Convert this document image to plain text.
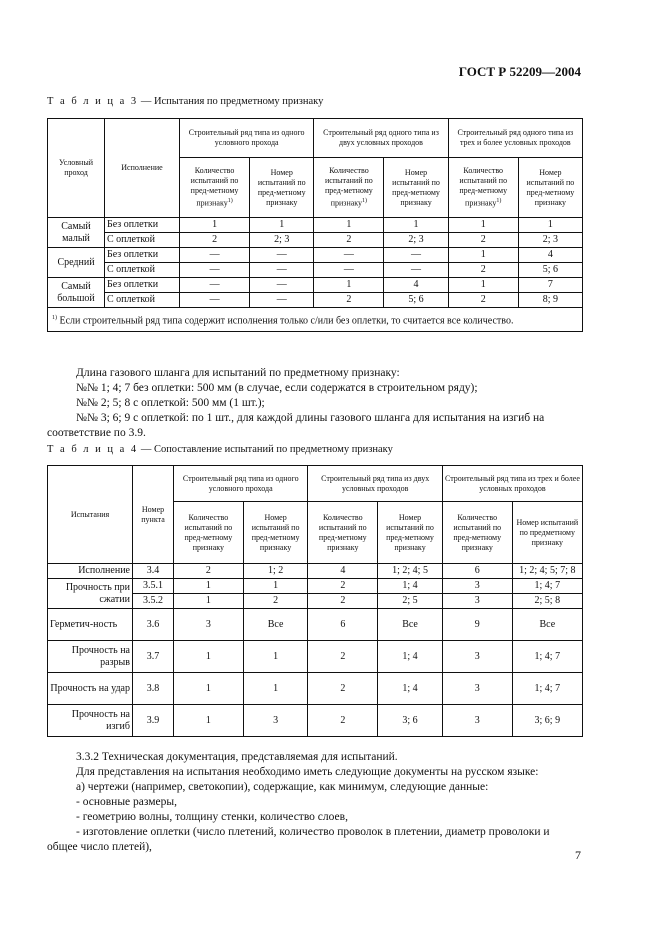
ГОСТ Р 52209—2004
Т а б л и ц а 3 — Испытания по предметному признаку
Условный проход	Исполнение	Строительный ряд типа из одного условного прохода		Строительный ряд одного типа из двух условных проходов		Строительный ряд одного типа из трех и более условных проходов	
		Количество испытаний по пред-метному признаку$^{1)}$	Номер испытаний по пред-метному признаку	Количество испытаний по пред-метному признаку$^{1)}$	Номер испытаний по пред-метному признаку	Количество испытаний по пред-метному признаку$^{1)}$	Номер испытаний по пред-метному признаку
Самый малый	Без оплетки	1	1	1	1	1	1
	С оплеткой	2	2; 3	2	2; 3	2	2; 3
Средний	Без оплетки	—	—	—	—	1	4
	С оплеткой	—	—	—	—	2	5; 6
Самый большой	Без оплетки	—	—	1	4	1	7
	С оплеткой	—	—	2	5; 6	2	8; 9
$^{1)}$ Если строительный ряд типа содержит исполнения только с/или без оплетки, то считается все количество.							

Длина газового шланга для испытаний по предметному признаку:

№№ 1; 4; 7 без оплетки: 500 мм (в случае, если содержатся в строительном ряду);

№№ 2; 5; 8 с оплеткой: 500 мм (1 шт.);

№№ 3; 6; 9 с оплеткой: по 1 шт., для каждой длины газового шланга для испытания на изгиб на соответствие по 3.9.

Т а б л и ц а 4 — Сопоставление испытаний по предметному признаку
Испытания	Номер пункта	Строительный ряд типа из одного условного прохода		Строительный ряд типа из двух условных проходов		Строительный ряд типа из трех и более условных проходов	
		Количество испытаний по пред-метному признаку	Номер испытаний по пред-метному признаку	Количество испытаний по пред-метному признаку	Номер испытаний по пред-метному признаку	Количество испытаний по пред-метному признаку	Номер испытаний по предметному признаку
Исполнение	3.4	2	1; 2	4	1; 2; 4; 5	6	1; 2; 4; 5; 7; 8
Прочность при сжатии	3.5.1	1	1	2	1; 4	3	1; 4; 7
	3.5.2	1	2	2	2; 5	3	2; 5; 8
Герметич-ность	3.6	3	Все	6	Все	9	Все
Прочность на разрыв	3.7	1	1	2	1; 4	3	1; 4; 7
Прочность на удар	3.8	1	1	2	1; 4	3	1; 4; 7
Прочность на изгиб	3.9	1	3	2	3; 6	3	3; 6; 9

3.3.2 Техническая документация, представляемая для испытаний.

Для представления на испытания необходимо иметь следующие документы на русском языке:

а) чертежи (например, светокопии), содержащие, как минимум, следующие данные:

- основные размеры,

- геометрию волны, толщину стенки, количество слоев,

- изготовление оплетки (число плетений, количество проволок в плетении, диаметр проволоки и общее число плетей),

7
